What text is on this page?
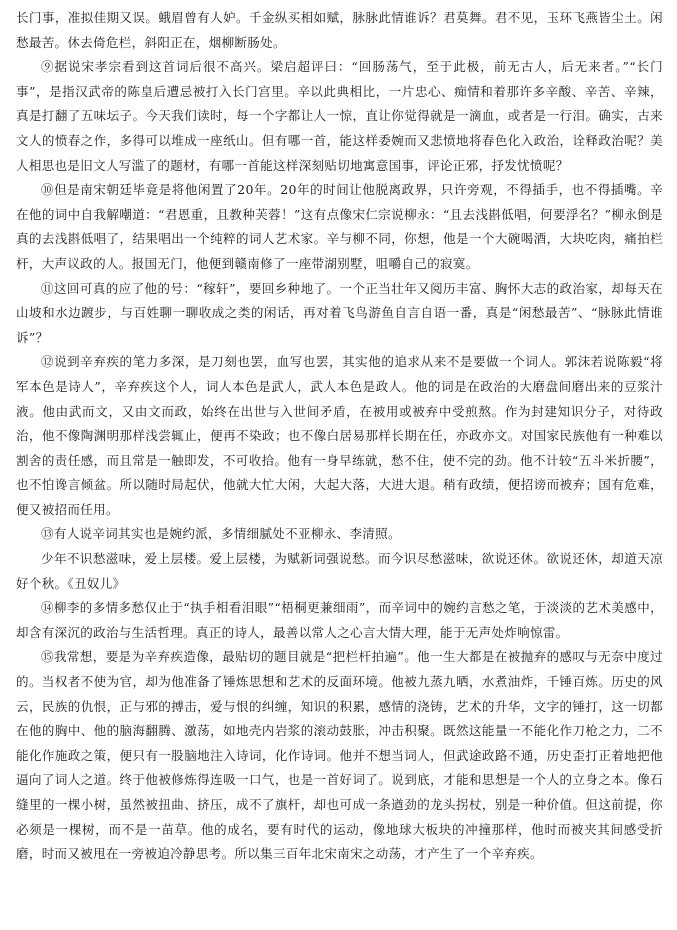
长门事，准拟佳期又误。蛾眉曾有人妒。千金纵买相如赋，脉脉此情谁诉？君莫舞。君不见，玉环飞燕皆尘土。闲愁最苦。休去倚危栏，斜阳正在，烟柳断肠处。

⑨据说宋孝宗看到这首词后很不高兴。梁启超评曰：“回肠荡气，至于此极，前无古人，后无来者。”“长门事”，是指汉武帝的陈皇后遭忌被打入长门宫里。辛以此典相比，一片忠心、痴情和着那许多辛酸、辛苦、辛辣，真是打翻了五味坛子。今天我们读时，每一个字都让人一惊，直让你觉得就是一滴血，或者是一行泪。确实，古来文人的愤春之作，多得可以堆成一座纸山。但有哪一首，能这样委婉而又悲愤地将春色化入政治，诠释政治呢？美人相思也是旧文人写滥了的题材，有哪一首能这样深刻贴切地寓意国事，评论正邪，抒发忧愤呢？

⑩但是南宋朝廷毕竟是将他闲置了20年。20年的时间让他脱离政界，只许旁观，不得插手，也不得插嘴。辛在他的词中自我解嘲道：“君恩重，且教种芙蓉！”这有点像宋仁宗说柳永：“且去浅斟低唱，何要浮名？”柳永倒是真的去浅斟低唱了，结果唱出一个纯粹的词人艺术家。辛与柳不同，你想，他是一个大碗喝酒，大块吃肉，痛拍栏杆，大声议政的人。报国无门，他便到赣南修了一座带湖别墅，咀嚼自己的寂寞。

⑪这回可真的应了他的号：“稼轩”，要回乡种地了。一个正当壮年又阅历丰富、胸怀大志的政治家，却每天在山坡和水边踱步，与百姓聊一聊收成之类的闲话，再对着飞鸟游鱼自言自语一番，真是“闲愁最苦”、“脉脉此情谁诉”？

⑫说到辛弃疾的笔力多深，是刀刻也罢，血写也罢，其实他的追求从来不是要做一个词人。郭沫若说陈毅“将军本色是诗人”，辛弃疾这个人，词人本色是武人，武人本色是政人。他的词是在政治的大磨盘间磨出来的豆浆汁液。他由武而文，又由文而政，始终在出世与入世间矛盾，在被用或被弃中受煎熬。作为封建知识分子，对待政治，他不像陶渊明那样浅尝辄止，便再不染政；也不像白居易那样长期在任，亦政亦文。对国家民族他有一种难以割舍的责任感，而且常是一触即发，不可收拾。他有一身早练就，愁不住，使不完的劲。他不计较“五斗米折腰”，也不怕谗言倾盆。所以随时局起伏，他就大忙大闲，大起大落，大进大退。稍有政绩，便招谤而被弃；国有危难，便又被招而任用。

⑬有人说辛词其实也是婉约派，多情细腻处不亚柳永、李清照。

少年不识愁滋味，爱上层楼。爱上层楼，为赋新词强说愁。而今识尽愁滋味，欲说还休。欲说还休，却道天凉好个秋。《丑奴儿》

⑭柳李的多情多愁仅止于“执手相看泪眼”“梧桐更兼细雨”，而辛词中的婉约言愁之笔，于淡淡的艺术美感中，却含有深沉的政治与生活哲理。真正的诗人，最善以常人之心言大情大理，能于无声处炸响惊雷。

⑮我常想，要是为辛弃疾造像，最贴切的题目就是“把栏杆拍遍”。他一生大都是在被抛弃的感叹与无奈中度过的。当权者不使为官，却为他准备了锤炼思想和艺术的反面环境。他被九蒸九晒，水煮油炸，千锤百炼。历史的风云，民族的仇恨，正与邪的搏击，爱与恨的纠缠，知识的积累，感情的浇铸，艺术的升华，文字的锤打，这一切都在他的胸中、他的脑海翻腾、激荡，如地壳内岩浆的滚动鼓胀，冲击积聚。既然这能量一不能化作刀枪之力，二不能化作施政之策，便只有一股脑地注入诗词，化作诗词。他并不想当词人，但武途政路不通，历史歪打正着地把他逼向了词人之道。终于他被修炼得连吸一口气，也是一首好词了。说到底，才能和思想是一个人的立身之本。像石缝里的一棵小树，虽然被扭曲、挤压，成不了旗杆，却也可成一条遒劲的龙头拐杖，别是一种价值。但这前提，你必须是一棵树，而不是一苗草。他的成名，要有时代的运动，像地球大板块的冲撞那样，他时而被夹其间感受折磨，时而又被甩在一旁被迫冷静思考。所以集三百年北宋南宋之动荡，才产生了一个辛弃疾。
